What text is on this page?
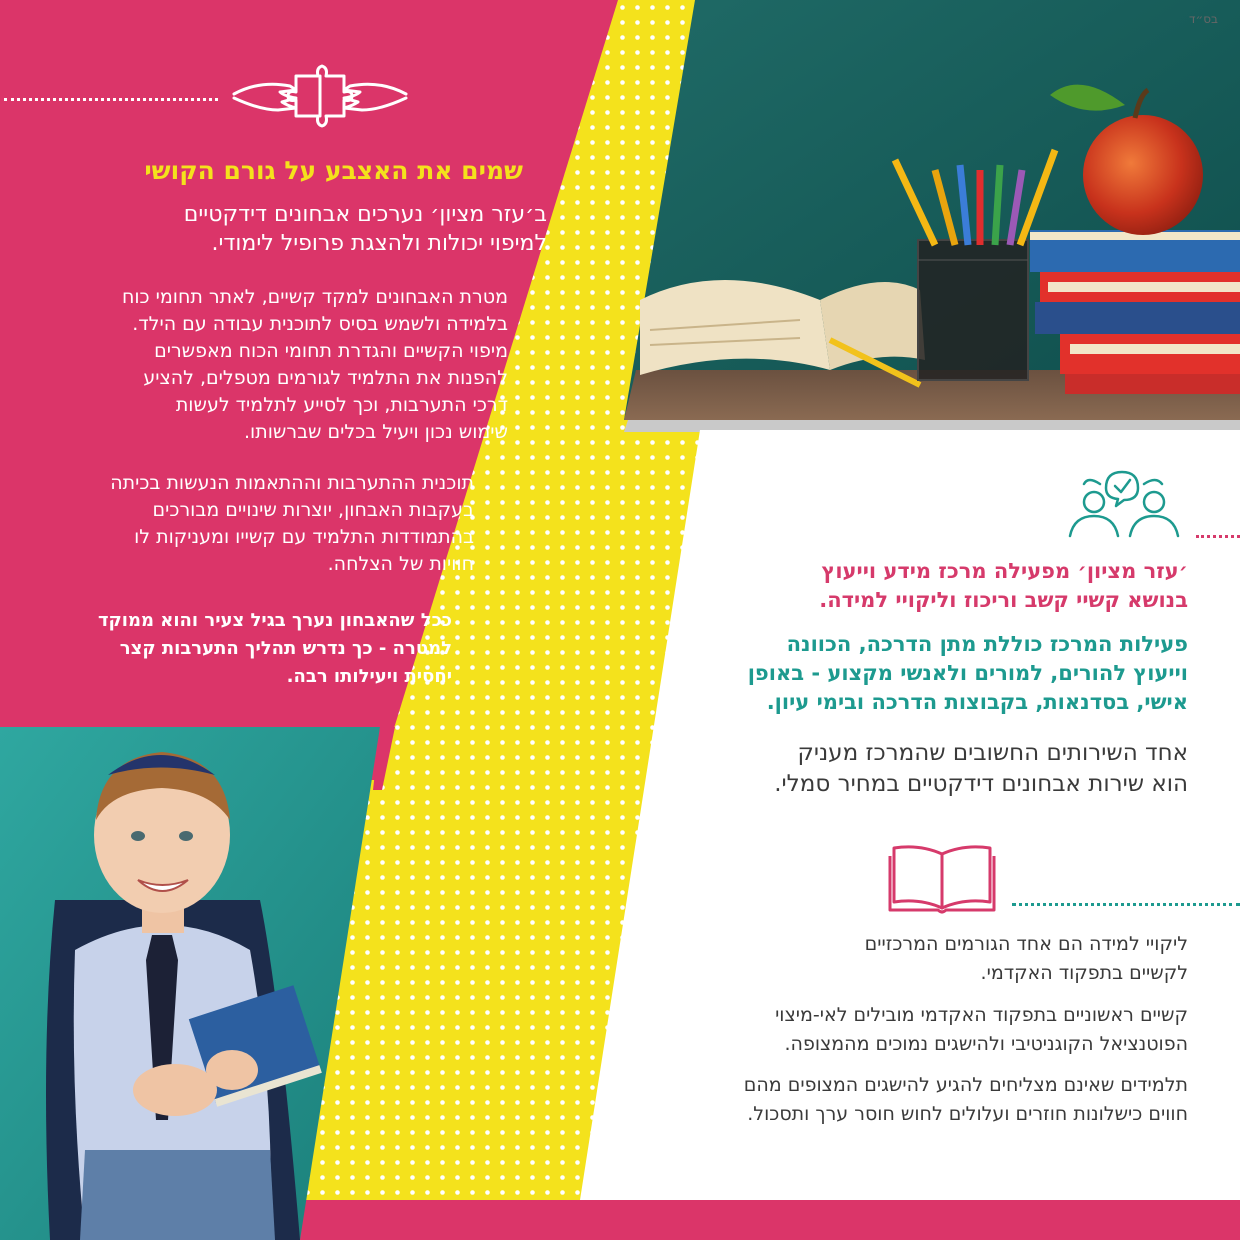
בס״ד
שמים את האצבע על גורם הקושי
ב׳עזר מציון׳ נערכים אבחונים דידקטיים
למיפוי יכולות ולהצגת פרופיל לימודי.
מטרת האבחונים למקד קשיים, לאתר תחומי כוח
בלמידה ולשמש בסיס לתוכנית עבודה עם הילד.
מיפוי הקשיים והגדרת תחומי הכוח מאפשרים
להפנות את התלמיד לגורמים מטפלים, להציע
דרכי התערבות, וכך לסייע לתלמיד לעשות
שימוש נכון ויעיל בכלים שברשותו.
תוכנית ההתערבות וההתאמות הנעשות בכיתה
בעקבות האבחון, יוצרות שינויים מבורכים
בהתמודדות התלמיד עם קשייו ומעניקות לו
חוויות של הצלחה.
ככל שהאבחון נערך בגיל צעיר והוא ממוקד
למטרה - כך נדרש תהליך התערבות קצר
יחסית ויעילותו רבה.
׳עזר מציון׳ מפעילה מרכז מידע וייעוץ
בנושא קשיי קשב וריכוז וליקויי למידה.
פעילות המרכז כוללת מתן הדרכה, הכוונה
וייעוץ להורים, למורים ולאנשי מקצוע - באופן
אישי, בסדנאות, בקבוצות הדרכה ובימי עיון.
אחד השירותים החשובים שהמרכז מעניק
הוא שירות אבחונים דידקטיים במחיר סמלי.
ליקויי למידה הם אחד הגורמים המרכזיים
לקשיים בתפקוד האקדמי.
קשיים ראשוניים בתפקוד האקדמי מובילים לאי-מיצוי
הפוטנציאל הקוגניטיבי ולהישגים נמוכים מהמצופה.
תלמידים שאינם מצליחים להגיע להישגים המצופים מהם
חווים כישלונות חוזרים ועלולים לחוש חוסר ערך ותסכול.
